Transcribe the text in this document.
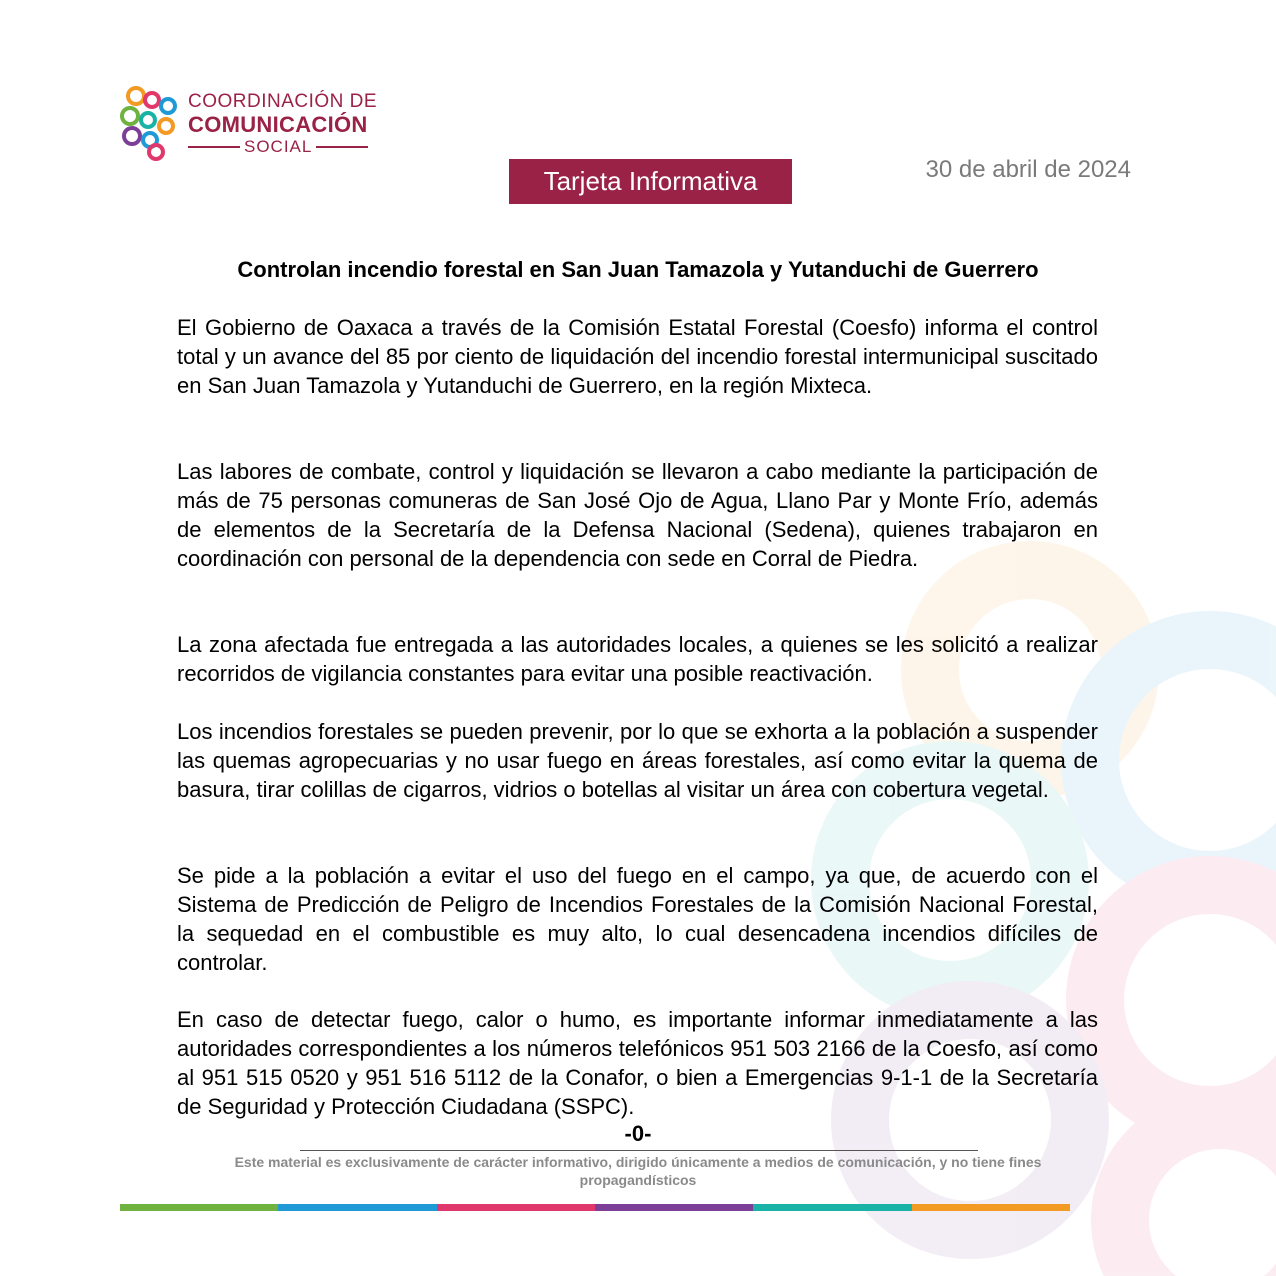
COORDINACIÓN DE
COMUNICACIÓN
SOCIAL
Tarjeta Informativa	30 de abril de 2024
Controlan incendio forestal en San Juan Tamazola y Yutanduchi de Guerrero
El Gobierno de Oaxaca a través de la Comisión Estatal Forestal (Coesfo) informa el control total y un avance del 85 por ciento de liquidación del incendio forestal intermunicipal suscitado en San Juan Tamazola y Yutanduchi de Guerrero, en la región Mixteca.
Las labores de combate, control y liquidación se llevaron a cabo mediante la participación de más de 75 personas comuneras de San José Ojo de Agua, Llano Par y Monte Frío, además de elementos de la Secretaría de la Defensa Nacional (Sedena), quienes trabajaron en coordinación con personal de la dependencia con sede en Corral de Piedra.
La zona afectada fue entregada a las autoridades locales, a quienes se les solicitó a realizar recorridos de vigilancia constantes para evitar una posible reactivación.
Los incendios forestales se pueden prevenir, por lo que se exhorta a la población a suspender las quemas agropecuarias y no usar fuego en áreas forestales, así como evitar la quema de basura, tirar colillas de cigarros, vidrios o botellas al visitar un área con cobertura vegetal.
Se pide a la población a evitar el uso del fuego en el campo, ya que, de acuerdo con el Sistema de Predicción de Peligro de Incendios Forestales de la Comisión Nacional Forestal, la sequedad en el combustible es muy alto, lo cual desencadena incendios difíciles de controlar.
En caso de detectar fuego, calor o humo, es importante informar inmediatamente a las autoridades correspondientes a los números telefónicos 951 503 2166 de la Coesfo, así como al 951 515 0520 y 951 516 5112 de la Conafor, o bien a Emergencias 9-1-1 de la Secretaría de Seguridad y Protección Ciudadana (SSPC).
-0-
Este material es exclusivamente de carácter informativo, dirigido únicamente a medios de comunicación, y no tiene fines propagandísticos
